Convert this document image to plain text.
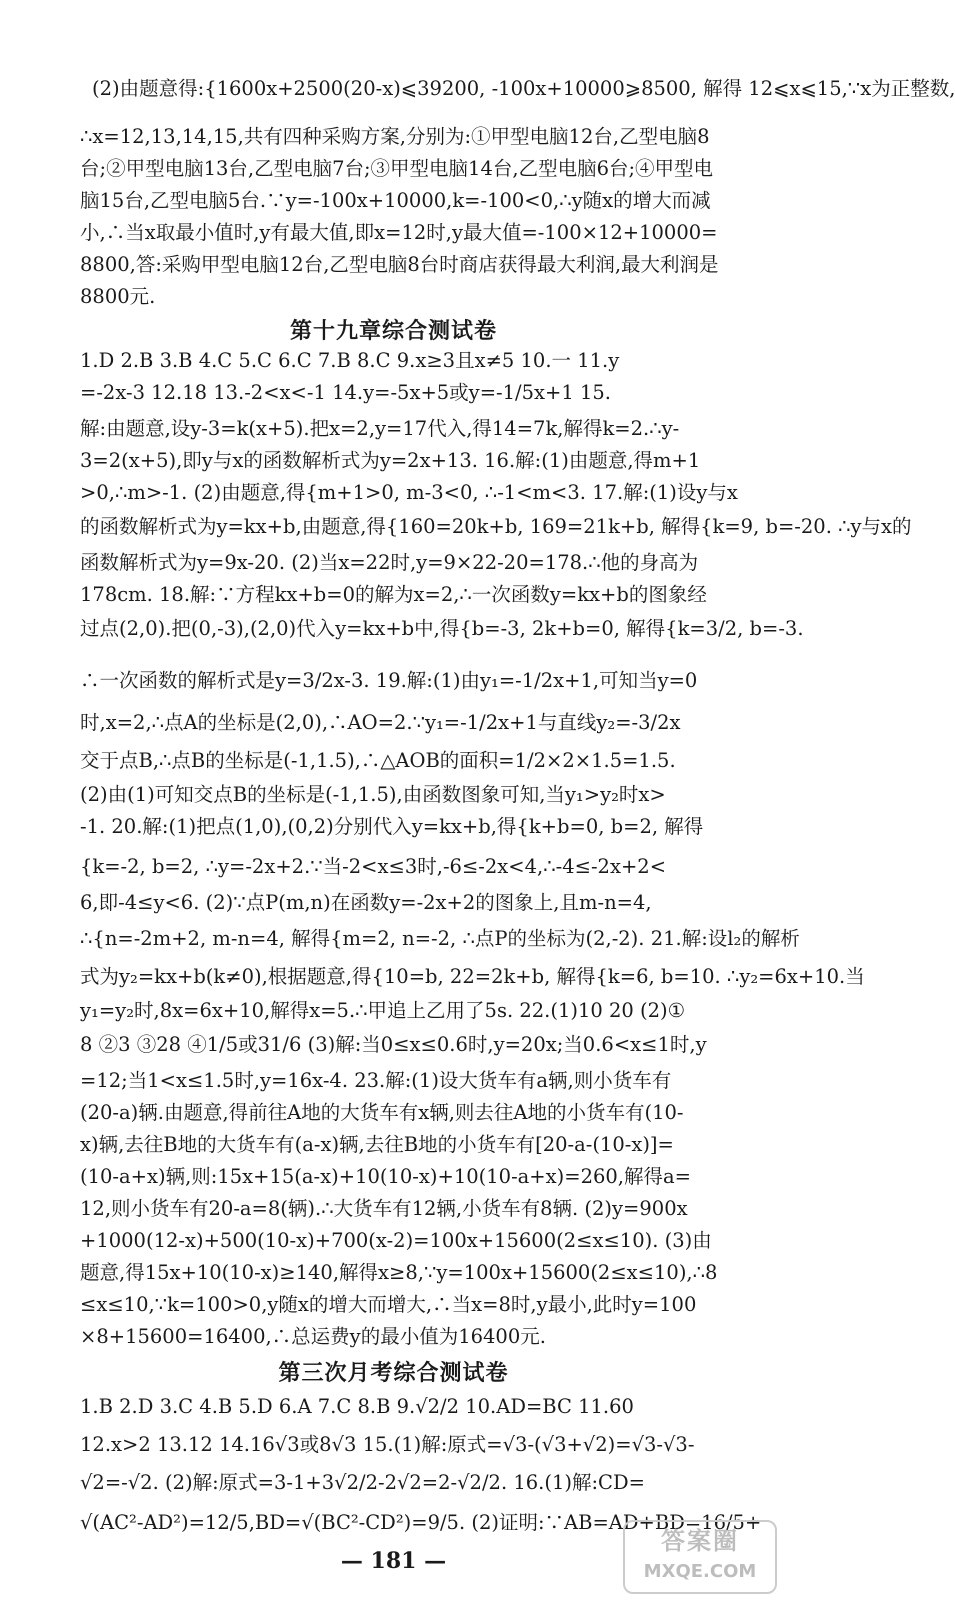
(2)由题意得:{1600x+2500(20-x)⩽39200, -100x+10000⩾8500, 解得 12⩽x⩽15,∵x为正整数,
∴x=12,13,14,15,共有四种采购方案,分别为:①甲型电脑12台,乙型电脑8
台;②甲型电脑13台,乙型电脑7台;③甲型电脑14台,乙型电脑6台;④甲型电
脑15台,乙型电脑5台.∵y=-100x+10000,k=-100<0,∴y随x的增大而减
小,∴当x取最小值时,y有最大值,即x=12时,y最大值=-100×12+10000=
8800,答:采购甲型电脑12台,乙型电脑8台时商店获得最大利润,最大利润是
8800元.
第十九章综合测试卷
1.D 2.B 3.B 4.C 5.C 6.C 7.B 8.C 9.x≥3且x≠5 10.一 11.y
=-2x-3 12.18 13.-2<x<-1 14.y=-5x+5或y=-1/5x+1 15.
解:由题意,设y-3=k(x+5).把x=2,y=17代入,得14=7k,解得k=2.∴y-
3=2(x+5),即y与x的函数解析式为y=2x+13. 16.解:(1)由题意,得m+1
>0,∴m>-1. (2)由题意,得{m+1>0, m-3<0, ∴-1<m<3. 17.解:(1)设y与x
的函数解析式为y=kx+b,由题意,得{160=20k+b, 169=21k+b, 解得{k=9, b=-20. ∴y与x的
函数解析式为y=9x-20. (2)当x=22时,y=9×22-20=178.∴他的身高为
178cm. 18.解:∵方程kx+b=0的解为x=2,∴一次函数y=kx+b的图象经
过点(2,0).把(0,-3),(2,0)代入y=kx+b中,得{b=-3, 2k+b=0, 解得{k=3/2, b=-3.
∴一次函数的解析式是y=3/2x-3. 19.解:(1)由y₁=-1/2x+1,可知当y=0
时,x=2,∴点A的坐标是(2,0),∴AO=2.∵y₁=-1/2x+1与直线y₂=-3/2x
交于点B,∴点B的坐标是(-1,1.5),∴△AOB的面积=1/2×2×1.5=1.5.
(2)由(1)可知交点B的坐标是(-1,1.5),由函数图象可知,当y₁>y₂时x>
-1. 20.解:(1)把点(1,0),(0,2)分别代入y=kx+b,得{k+b=0, b=2, 解得
{k=-2, b=2, ∴y=-2x+2.∵当-2<x≤3时,-6≤-2x<4,∴-4≤-2x+2<
6,即-4≤y<6. (2)∵点P(m,n)在函数y=-2x+2的图象上,且m-n=4,
∴{n=-2m+2, m-n=4, 解得{m=2, n=-2, ∴点P的坐标为(2,-2). 21.解:设l₂的解析
式为y₂=kx+b(k≠0),根据题意,得{10=b, 22=2k+b, 解得{k=6, b=10. ∴y₂=6x+10.当
y₁=y₂时,8x=6x+10,解得x=5.∴甲追上乙用了5s. 22.(1)10 20 (2)①
8 ②3 ③28 ④1/5或31/6 (3)解:当0≤x≤0.6时,y=20x;当0.6<x≤1时,y
=12;当1<x≤1.5时,y=16x-4. 23.解:(1)设大货车有a辆,则小货车有
(20-a)辆.由题意,得前往A地的大货车有x辆,则去往A地的小货车有(10-
x)辆,去往B地的大货车有(a-x)辆,去往B地的小货车有[20-a-(10-x)]=
(10-a+x)辆,则:15x+15(a-x)+10(10-x)+10(10-a+x)=260,解得a=
12,则小货车有20-a=8(辆).∴大货车有12辆,小货车有8辆. (2)y=900x
+1000(12-x)+500(10-x)+700(x-2)=100x+15600(2≤x≤10). (3)由
题意,得15x+10(10-x)≥140,解得x≥8,∵y=100x+15600(2≤x≤10),∴8
≤x≤10,∵k=100>0,y随x的增大而增大,∴当x=8时,y最小,此时y=100
×8+15600=16400,∴总运费y的最小值为16400元.
第三次月考综合测试卷
1.B 2.D 3.C 4.B 5.D 6.A 7.C 8.B 9.√2/2 10.AD=BC 11.60
12.x>2 13.12 14.16√3或8√3 15.(1)解:原式=√3-(√3+√2)=√3-√3-
√2=-√2. (2)解:原式=3-1+3√2/2-2√2=2-√2/2. 16.(1)解:CD=
√(AC²-AD²)=12/5,BD=√(BC²-CD²)=9/5. (2)证明:∵AB=AD+BD=16/5+
— 181 —
答案圈
MXQE.COM
